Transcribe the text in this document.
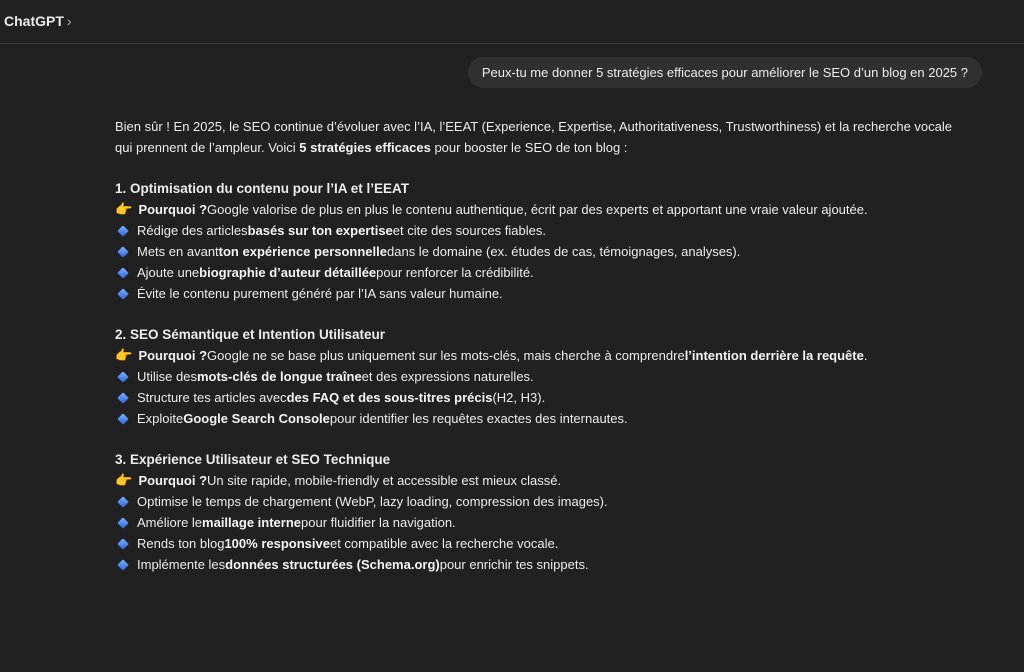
ChatGPT ›
Peux-tu me donner 5 stratégies efficaces pour améliorer le SEO d’un blog en 2025 ?

Bien sûr ! En 2025, le SEO continue d’évoluer avec l’IA, l’EEAT (Experience, Expertise, Authoritativeness, Trustworthiness) et la recherche vocale
qui prennent de l’ampleur. Voici 5 stratégies efficaces pour booster le SEO de ton blog :

1. Optimisation du contenu pour l’IA et l’EEAT

👉 Pourquoi ? Google valorise de plus en plus le contenu authentique, écrit par des experts et apportant une vraie valeur ajoutée.
Rédige des articles basés sur ton expertise et cite des sources fiables.
Mets en avant ton expérience personnelle dans le domaine (ex. études de cas, témoignages, analyses).
Ajoute une biographie d’auteur détaillée pour renforcer la crédibilité.
Évite le contenu purement généré par l’IA sans valeur humaine.

2. SEO Sémantique et Intention Utilisateur

👉 Pourquoi ? Google ne se base plus uniquement sur les mots-clés, mais cherche à comprendre l’intention derrière la requête .
Utilise des mots-clés de longue traîne et des expressions naturelles.
Structure tes articles avec des FAQ et des sous-titres précis (H2, H3).
Exploite Google Search Console pour identifier les requêtes exactes des internautes.

3. Expérience Utilisateur et SEO Technique

👉 Pourquoi ? Un site rapide, mobile-friendly et accessible est mieux classé.
Optimise le temps de chargement (WebP, lazy loading, compression des images).
Améliore le maillage interne pour fluidifier la navigation.
Rends ton blog 100% responsive et compatible avec la recherche vocale.
Implémente les données structurées (Schema.org) pour enrichir tes snippets.
